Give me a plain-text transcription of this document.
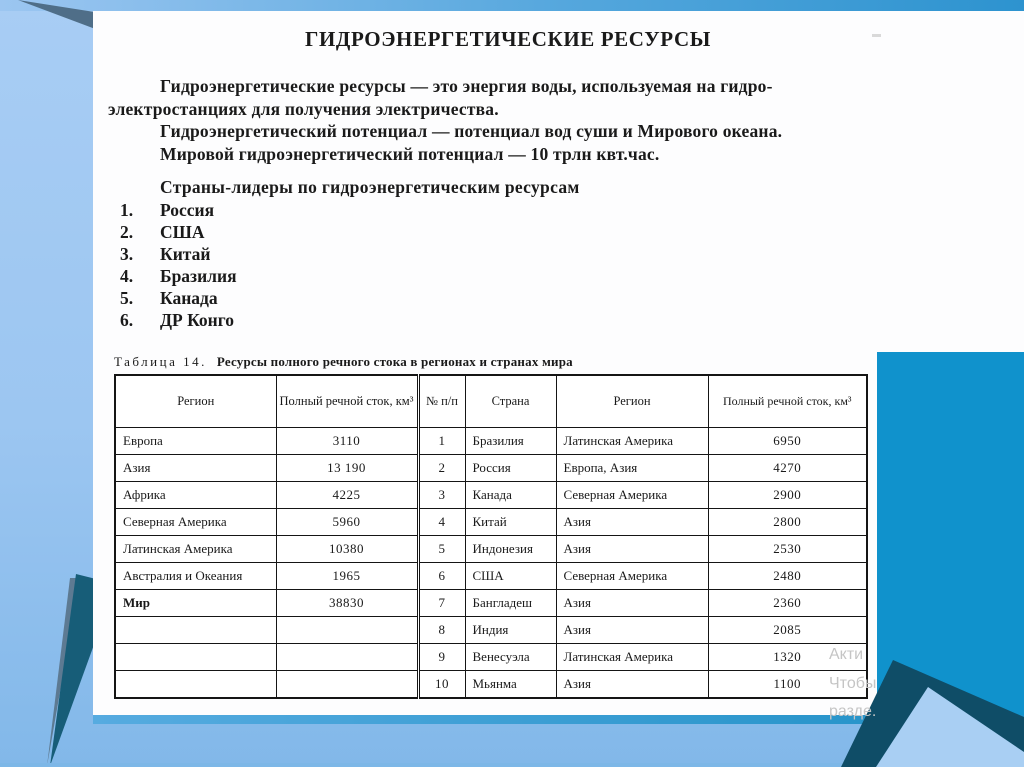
ГИДРОЭНЕРГЕТИЧЕСКИЕ РЕСУРСЫ
Гидроэнергетические ресурсы — это энергия воды, используемая на гидро-
электростанциях для получения электричества.
Гидроэнергетический потенциал — потенциал вод суши и Мирового океана.
Мировой гидроэнергетический потенциал — 10 трлн квт.час.
Страны-лидеры по гидроэнергетическим ресурсам
1. Россия
2. США
3. Китай
4. Бразилия
5. Канада
6. ДР Конго
Таблица 14. Ресурсы полного речного стока в регионах и странах мира
Регион	Полный речной сток, км³	№ п/п	Страна	Регион	Полный речной сток, км³
Европа	3110	1	Бразилия	Латинская Америка	6950
Азия	13 190	2	Россия	Европа, Азия	4270
Африка	4225	3	Канада	Северная Америка	2900
Северная Америка	5960	4	Китай	Азия	2800
Латинская Америка	10380	5	Индонезия	Азия	2530
Австралия и Океания	1965	6	США	Северная Америка	2480
Мир	38830	7	Бангладеш	Азия	2360
		8	Индия	Азия	2085
		9	Венесуэла	Латинская Америка	1320
		10	Мьянма	Азия	1100
Акти
Чтобы
разде.
